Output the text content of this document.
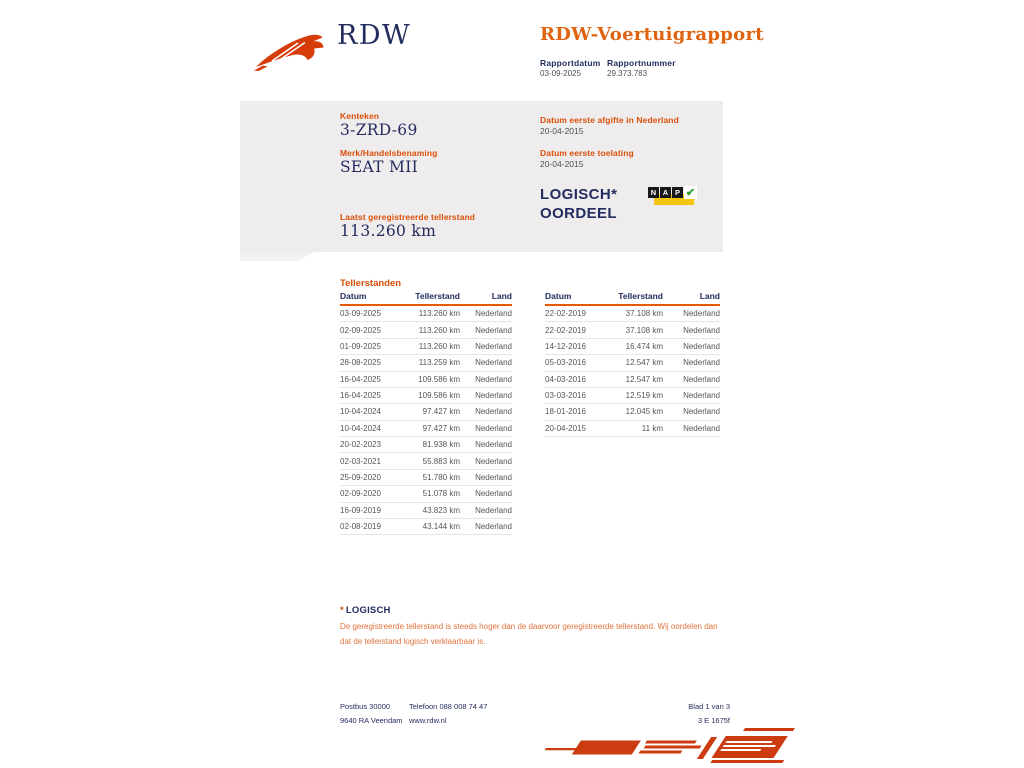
RDW	RDW-Voertuigrapport
Rapportdatum
03-09-2025
Rapportnummer
29.373.783
Kenteken
3-ZRD-69
Merk/Handelsbenaming
SEAT MII
Laatst geregistreerde tellerstand
113.260 km
Datum eerste afgifte in Nederland
20-04-2015
Datum eerste toelating
20-04-2015
LOGISCH*
OORDEEL
N A P ✔
Tellerstanden
Datum	Tellerstand	Land
03-09-2025	113.260 km	Nederland
02-09-2025	113.260 km	Nederland
01-09-2025	113.260 km	Nederland
28-08-2025	113.259 km	Nederland
16-04-2025	109.586 km	Nederland
16-04-2025	109.586 km	Nederland
10-04-2024	97.427 km	Nederland
10-04-2024	97.427 km	Nederland
20-02-2023	81.938 km	Nederland
02-03-2021	55.883 km	Nederland
25-09-2020	51.780 km	Nederland
02-09-2020	51.078 km	Nederland
16-09-2019	43.823 km	Nederland
02-08-2019	43.144 km	Nederland
Datum	Tellerstand	Land
22-02-2019	37.108 km	Nederland
22-02-2019	37.108 km	Nederland
14-12-2016	16.474 km	Nederland
05-03-2016	12.547 km	Nederland
04-03-2016	12.547 km	Nederland
03-03-2016	12.519 km	Nederland
18-01-2016	12.045 km	Nederland
20-04-2015	11 km	Nederland
* LOGISCH
De geregistreerde tellerstand is steeds hoger dan de daarvoor geregistreerde tellerstand. Wij oordelen dan
dat de tellerstand logisch verklaarbaar is.
Postbus 30000
9640 RA Veendam
Telefoon 088 008 74 47
www.rdw.nl
Blad 1 van 3
3 E 1675f
